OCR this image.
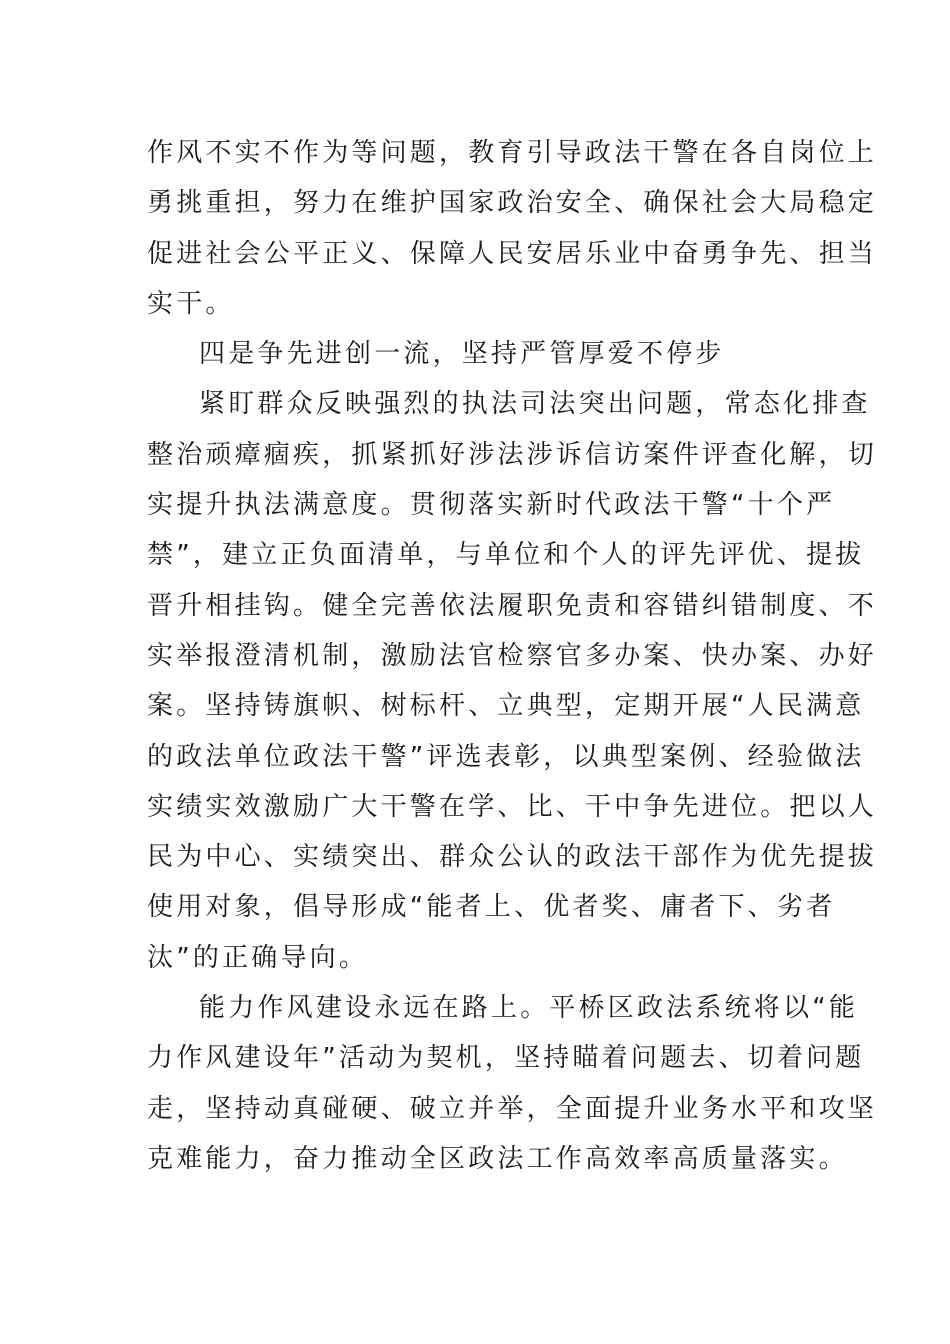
作风不实不作为等问题，教育引导政法干警在各自岗位上
勇挑重担，努力在维护国家政治安全、确保社会大局稳定
促进社会公平正义、保障人民安居乐业中奋勇争先、担当
实干。
四是争先进创一流，坚持严管厚爱不停步
紧盯群众反映强烈的执法司法突出问题，常态化排查
整治顽瘴痼疾，抓紧抓好涉法涉诉信访案件评查化解，切
实提升执法满意度。贯彻落实新时代政法干警“十个严
禁”，建立正负面清单，与单位和个人的评先评优、提拔
晋升相挂钩。健全完善依法履职免责和容错纠错制度、不
实举报澄清机制，激励法官检察官多办案、快办案、办好
案。坚持铸旗帜、树标杆、立典型，定期开展“人民满意
的政法单位政法干警”评选表彰，以典型案例、经验做法
实绩实效激励广大干警在学、比、干中争先进位。把以人
民为中心、实绩突出、群众公认的政法干部作为优先提拔
使用对象，倡导形成“能者上、优者奖、庸者下、劣者
汰”的正确导向。
能力作风建设永远在路上。平桥区政法系统将以“能
力作风建设年”活动为契机，坚持瞄着问题去、切着问题
走，坚持动真碰硬、破立并举，全面提升业务水平和攻坚
克难能力，奋力推动全区政法工作高效率高质量落实。
